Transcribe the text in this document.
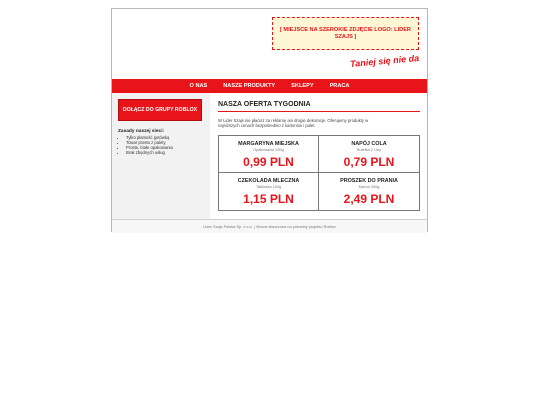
[ MIEJSCE NA SZEROKIE ZDJĘCIE LOGO: LIDER SZAJS ]
Taniej się nie da
O NAS	NASZE PRODUKTY	SKLEPY	PRACA
DOŁĄCZ DO GRUPY ROBLOX
Zasady naszej sieci:
• Tylko płatność gotówką
• Towar prosto z palety
• Proste, białe opakowania
• Brak zbędnych usług
NASZA OFERTA TYGODNIA
W Lider Szajs nie płacisz za reklamę ani drogie dekoracje. Oferujemy produkty w najniższych cenach bezpośrednio z kartonów i palet.
MARGARYNA MIEJSKA
Opakowanie 250g
0,99 PLN
NAPÓJ COLA
Butelka 2 Litry
0,79 PLN
CZEKOLADA MLECZNA
Tabliczka 100g
1,15 PLN
PROSZEK DO PRANIA
Karton 400g
2,49 PLN
Lider Szajs Polska Sp. z o.o. | Strona stworzona na potrzeby projektu Roblox
